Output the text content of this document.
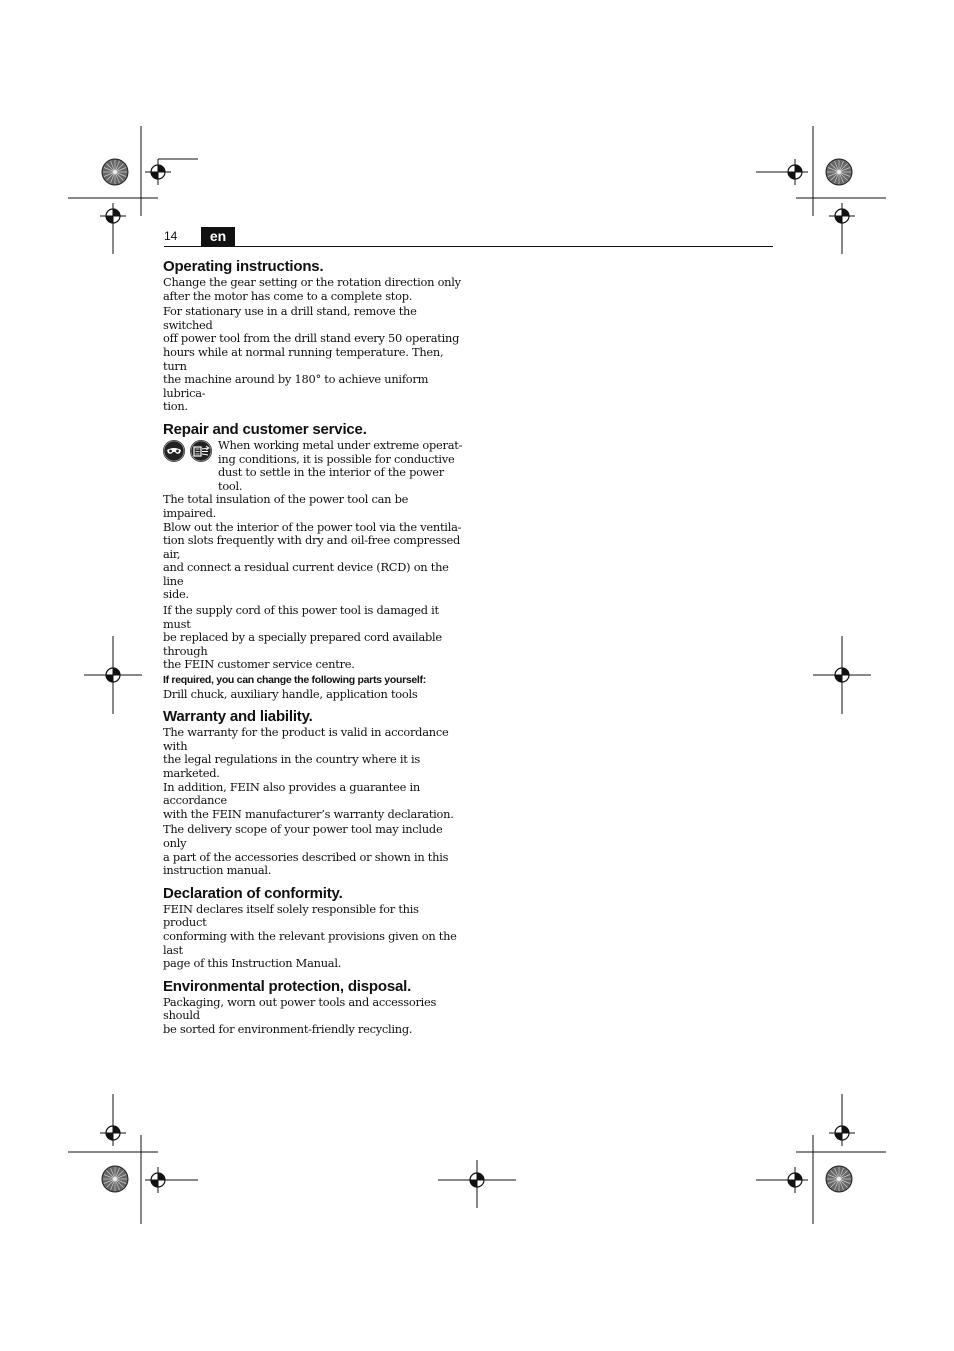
14	en
Operating instructions.

Change the gear setting or the rotation direction only
after the motor has come to a complete stop.

For stationary use in a drill stand, remove the switched
off power tool from the drill stand every 50 operating
hours while at normal running temperature. Then, turn
the machine around by 180° to achieve uniform lubrica-
tion.

Repair and customer service.

When working metal under extreme operat-
ing conditions, it is possible for conductive
dust to settle in the interior of the power tool.

The total insulation of the power tool can be impaired.
Blow out the interior of the power tool via the ventila-
tion slots frequently with dry and oil-free compressed air,
and connect a residual current device (RCD) on the line
side.

If the supply cord of this power tool is damaged it must
be replaced by a specially prepared cord available through
the FEIN customer service centre.

If required, you can change the following parts yourself:

Drill chuck, auxiliary handle, application tools

Warranty and liability.

The warranty for the product is valid in accordance with
the legal regulations in the country where it is marketed.
In addition, FEIN also provides a guarantee in accordance
with the FEIN manufacturer’s warranty declaration.

The delivery scope of your power tool may include only
a part of the accessories described or shown in this
instruction manual.

Declaration of conformity.

FEIN declares itself solely responsible for this product
conforming with the relevant provisions given on the last
page of this Instruction Manual.

Environmental protection, disposal.

Packaging, worn out power tools and accessories should
be sorted for environment-friendly recycling.
